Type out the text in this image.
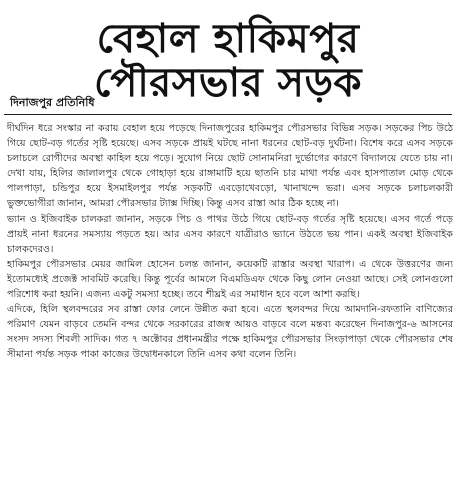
বেহাল হাকিমপুর
পৌরসভার সড়ক
দিনাজপুর প্রতিনিধি

দীর্ঘদিন ধরে সংস্কার না করায় বেহাল হয়ে পড়েছে দিনাজপুরের হাকিমপুর পৌরসভার বিভিন্ন সড়ক। সড়কের পিচ উঠে গিয়ে ছোট-বড় গর্তের সৃষ্টি হয়েছে। এসব সড়কে প্রায়ই ঘটছে নানা ধরনের ছোট-বড় দুর্ঘটনা। বিশেষ করে এসব সড়কে চলাচলে রোগীদের অবস্থা কাহিল হয়ে পড়ে। সুযোগ নিয়ে ছোট সোনামনিরা দুর্ভোগের কারণে বিদ্যালয়ে যেতে চায় না। দেখা যায়, হিলির জালালপুর থেকে গোহাড়া হয়ে রাঙ্গামাটি হয়ে ছাতনি চার মাথা পর্যন্ত এবং হাসপাতাল মোড় থেকে পালপাড়া, চন্ডিপুর হয়ে ইসমাইলপুর পর্যন্ত সড়কটি এবড়োখেবড়ো, খানাখন্দে ভরা। এসব সড়কে চলাচলকারী ভুক্তভোগীরা জানান, আমরা পৌরসভার ট্যাক্স দিচ্ছি। কিন্তু এসব রাস্তা আর ঠিক হচ্ছে না।

ভ্যান ও ইজিবাইক চালকরা জানান, সড়কে পিচ ও পাথর উঠে গিয়ে ছোট-বড় গর্তের সৃষ্টি হয়েছে। এসব গর্তে পড়ে প্রায়ই নানা ধরনের সমস্যায় পড়তে হয়। আর এসব কারণে যাত্রীরাও ভ্যানে উঠতে ভয় পান। একই অবস্থা ইজিবাইক চালকদেরও।

হাকিমপুর পৌরসভার মেয়র জামিল হোসেন চলন্ত জানান, কয়েকটি রাস্তার অবস্থা খারাপ। এ থেকে উত্তরণের জন্য ইতোমধ্যেই প্রজেক্ট সাবমিট করেছি। কিন্তু পূর্বের আমলে বিএমডিএফ থেকে কিছু লোন নেওয়া আছে। সেই লোনগুলো পরিশোধ করা হয়নি। এজন্য একটু সমস্যা হচ্ছে। তবে শীঘ্রই এর সমাধান হবে বলে আশা করছি।

এদিকে, হিলি স্থলবন্দরের সব রাস্তা ফোর লেনে উন্নীত করা হবে। এতে স্থলবন্দর দিয়ে আমদানি-রফতানি বাণিজ্যের পরিমাণ যেমন বাড়বে তেমনি বন্দর থেকে সরকারের রাজস্ব আয়ও বাড়বে বলে মন্তব্য করেছেন দিনাজপুর-৬ আসনের সংসদ সদস্য শিবলী সাদিক। গত ৭ অক্টোবর প্রধানমন্ত্রীর পক্ষে হাকিমপুর পৌরসভার সিংড়াপাড়া থেকে পৌরসভার শেষ সীমানা পর্যন্ত সড়ক পাকা কাজের উদ্বোধনকালে তিনি এসব কথা বলেন তিনি।
